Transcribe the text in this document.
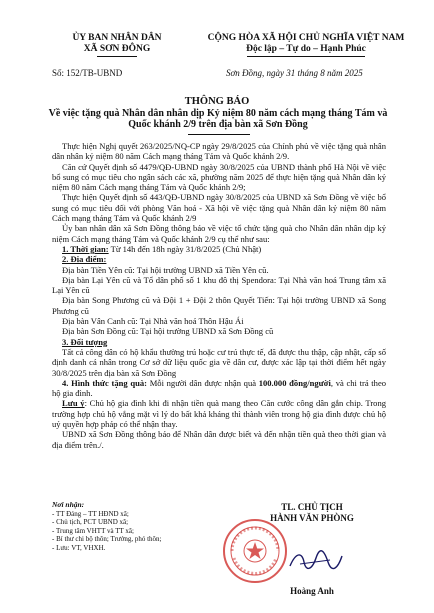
ỦY BAN NHÂN DÂN
XÃ SƠN ĐÔNG
CỘNG HÒA XÃ HỘI CHỦ NGHĨA VIỆT NAM
Độc lập – Tự do – Hạnh Phúc
Số: 152/TB-UBND	Sơn Đồng, ngày 31 tháng 8 năm 2025
THÔNG BÁO
Về việc tặng quà Nhân dân nhân dịp Kỷ niệm 80 năm cách mạng tháng Tám và Quốc khánh 2/9 trên địa bàn xã Sơn Đồng

Thực hiện Nghị quyết 263/2025/NQ-CP ngày 29/8/2025 của Chính phủ về việc tặng quà nhân dân nhân kỷ niệm 80 năm Cách mạng tháng Tám và Quốc khánh 2/9.

Căn cứ Quyết định số 4479/QĐ-UBND ngày 30/8/2025 của UBND thành phố Hà Nội về việc bổ sung có mục tiêu cho ngân sách các xã, phường năm 2025 để thực hiện tặng quà Nhân dân kỷ niệm 80 năm Cách mạng tháng Tám và Quốc khánh 2/9;

Thực hiện Quyết định số 443/QĐ-UBND ngày 30/8/2025 của UBND xã Sơn Đồng về việc bổ sung có mục tiêu đối với phòng Văn hoá - Xã hội về việc tặng quà Nhân dân kỷ niệm 80 năm Cách mạng tháng Tám và Quốc khánh 2/9

Ủy ban nhân dân xã Sơn Đồng thông báo về việc tổ chức tặng quà cho Nhân dân nhân dịp kỷ niệm Cách mạng tháng Tám và Quốc khánh 2/9 cụ thể như sau:

1. Thời gian: Từ 14h đến 18h ngày 31/8/2025 (Chủ Nhật)

2. Địa điểm:

Địa bàn Tiền Yên cũ: Tại hội trường UBND xã Tiền Yên cũ.

Địa bàn Lại Yên cũ và Tổ dân phố số 1 khu đô thị Spendora: Tại Nhà văn hoá Trung tâm xã Lại Yên cũ

Địa bàn Song Phương cũ và Đội 1 + Đội 2 thôn Quyết Tiến: Tại hội trường UBND xã Song Phương cũ

Địa bàn Vân Canh cũ: Tại Nhà văn hoá Thôn Hậu Ái

Địa bàn Sơn Đồng cũ: Tại hội trường UBND xã Sơn Đồng cũ

3. Đối tượng

Tất cả công dân có hộ khẩu thường trú hoặc cư trú thực tế, đã được thu thập, cập nhật, cấp số định danh cá nhân trong Cơ sở dữ liệu quốc gia về dân cư, được xác lập tại thời điểm hết ngày 30/8/2025 trên địa bàn xã Sơn Đồng

4. Hình thức tặng quà: Mỗi người dân được nhận quà 100.000 đồng/người, và chi trả theo hộ gia đình.

Lưu ý: Chủ hộ gia đình khi đi nhận tiền quà mang theo Căn cước công dân gắn chip. Trong trường hợp chủ hộ vắng mặt vì lý do bất khả kháng thì thành viên trong hộ gia đình được chủ hộ uỷ quyền hợp pháp có thể nhận thay.

UBND xã Sơn Đồng thông báo để Nhân dân được biết và đến nhận tiền quà theo thời gian và địa điểm trên./.

Nơi nhận:
- TT Đảng – TT HĐND xã;
- Chủ tịch, PCT UBND xã;
- Trung tâm VHTT và TT xã;
- Bí thư chi bộ thôn; Trưởng, phó thôn;
- Lưu: VT, VHXH.
TL. CHỦ TỊCH
HÀNH VĂN PHÒNG
Hoàng Anh
